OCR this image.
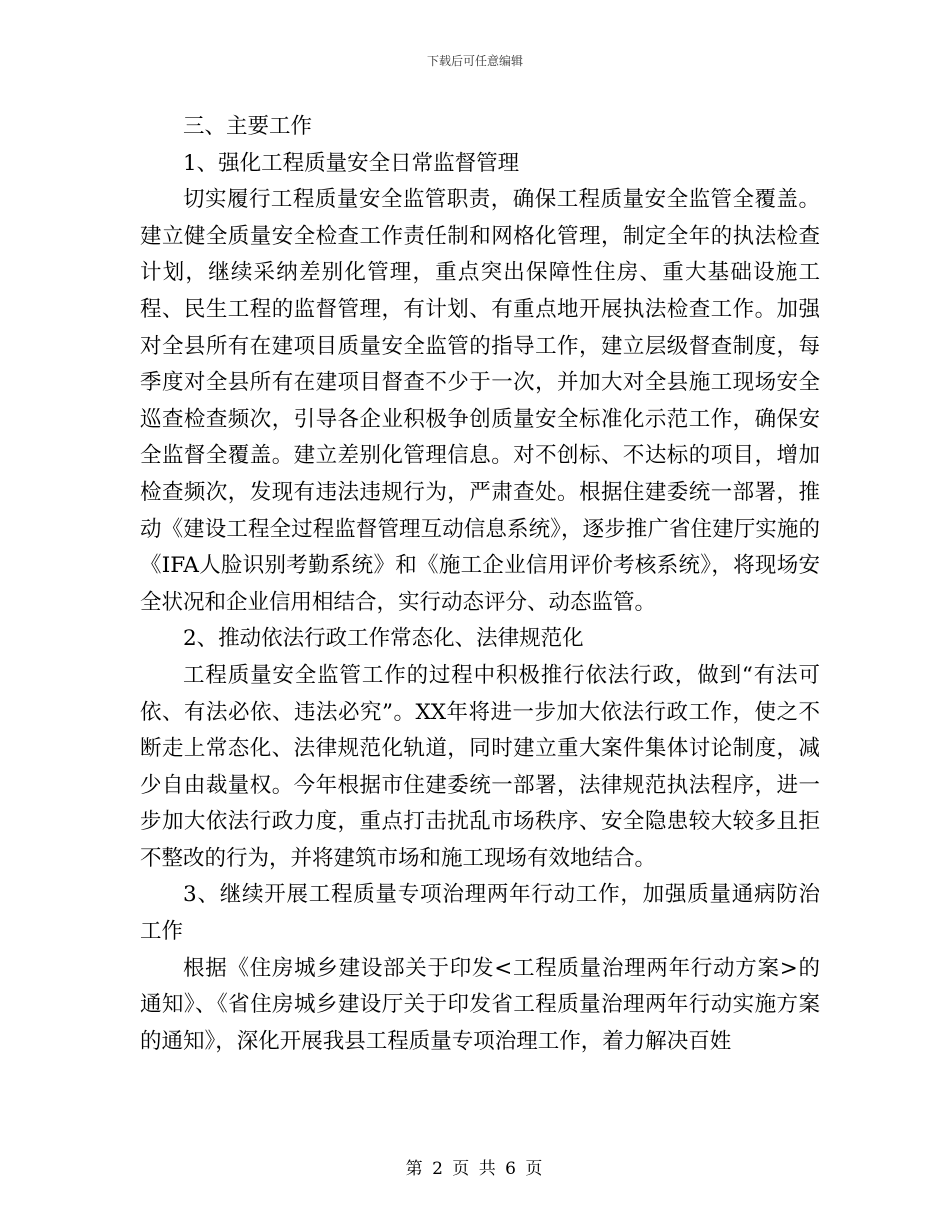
下载后可任意编辑

三、主要工作

1、强化工程质量安全日常监督管理

切实履行工程质量安全监管职责，确保工程质量安全监管全覆盖。建立健全质量安全检查工作责任制和网格化管理，制定全年的执法检查计划，继续采纳差别化管理，重点突出保障性住房、重大基础设施工程、民生工程的监督管理，有计划、有重点地开展执法检查工作。加强对全县所有在建项目质量安全监管的指导工作，建立层级督查制度，每季度对全县所有在建项目督查不少于一次，并加大对全县施工现场安全巡查检查频次，引导各企业积极争创质量安全标准化示范工作，确保安全监督全覆盖。建立差别化管理信息。对不创标、不达标的项目，增加检查频次，发现有违法违规行为，严肃查处。根据住建委统一部署，推动《建设工程全过程监督管理互动信息系统》，逐步推广省住建厅实施的《IFA人脸识别考勤系统》和《施工企业信用评价考核系统》，将现场安全状况和企业信用相结合，实行动态评分、动态监管。

2、推动依法行政工作常态化、法律规范化

工程质量安全监管工作的过程中积极推行依法行政，做到“有法可依、有法必依、违法必究”。XX年将进一步加大依法行政工作，使之不断走上常态化、法律规范化轨道，同时建立重大案件集体讨论制度，减少自由裁量权。今年根据市住建委统一部署，法律规范执法程序，进一步加大依法行政力度，重点打击扰乱市场秩序、安全隐患较大较多且拒不整改的行为，并将建筑市场和施工现场有效地结合。

3、继续开展工程质量专项治理两年行动工作，加强质量通病防治工作

根据《住房城乡建设部关于印发<工程质量治理两年行动方案>的通知》、《省住房城乡建设厅关于印发省工程质量治理两年行动实施方案的通知》，深化开展我县工程质量专项治理工作，着力解决百姓

第 2 页 共 6 页
